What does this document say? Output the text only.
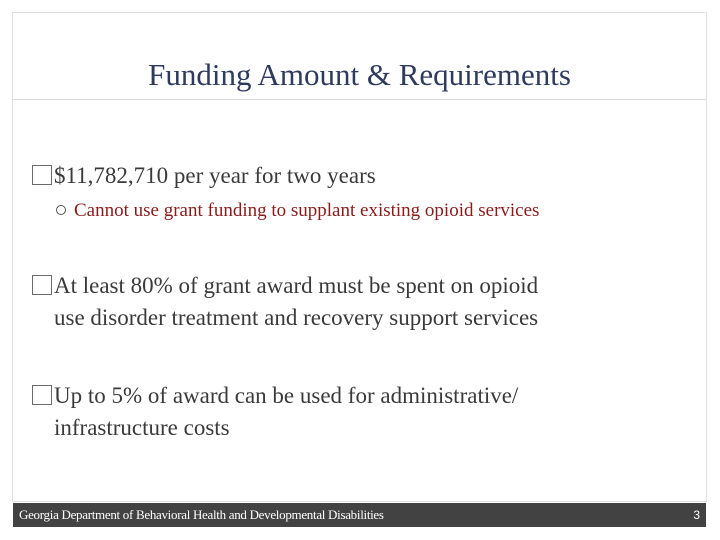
Funding Amount & Requirements
$11,782,710 per year for two years
Cannot use grant funding to supplant existing opioid services
At least 80% of grant award must be spent on opioid
use disorder treatment and recovery support services
Up to 5% of award can be used for administrative/
infrastructure costs
Georgia Department of Behavioral Health and Developmental Disabilities	3
